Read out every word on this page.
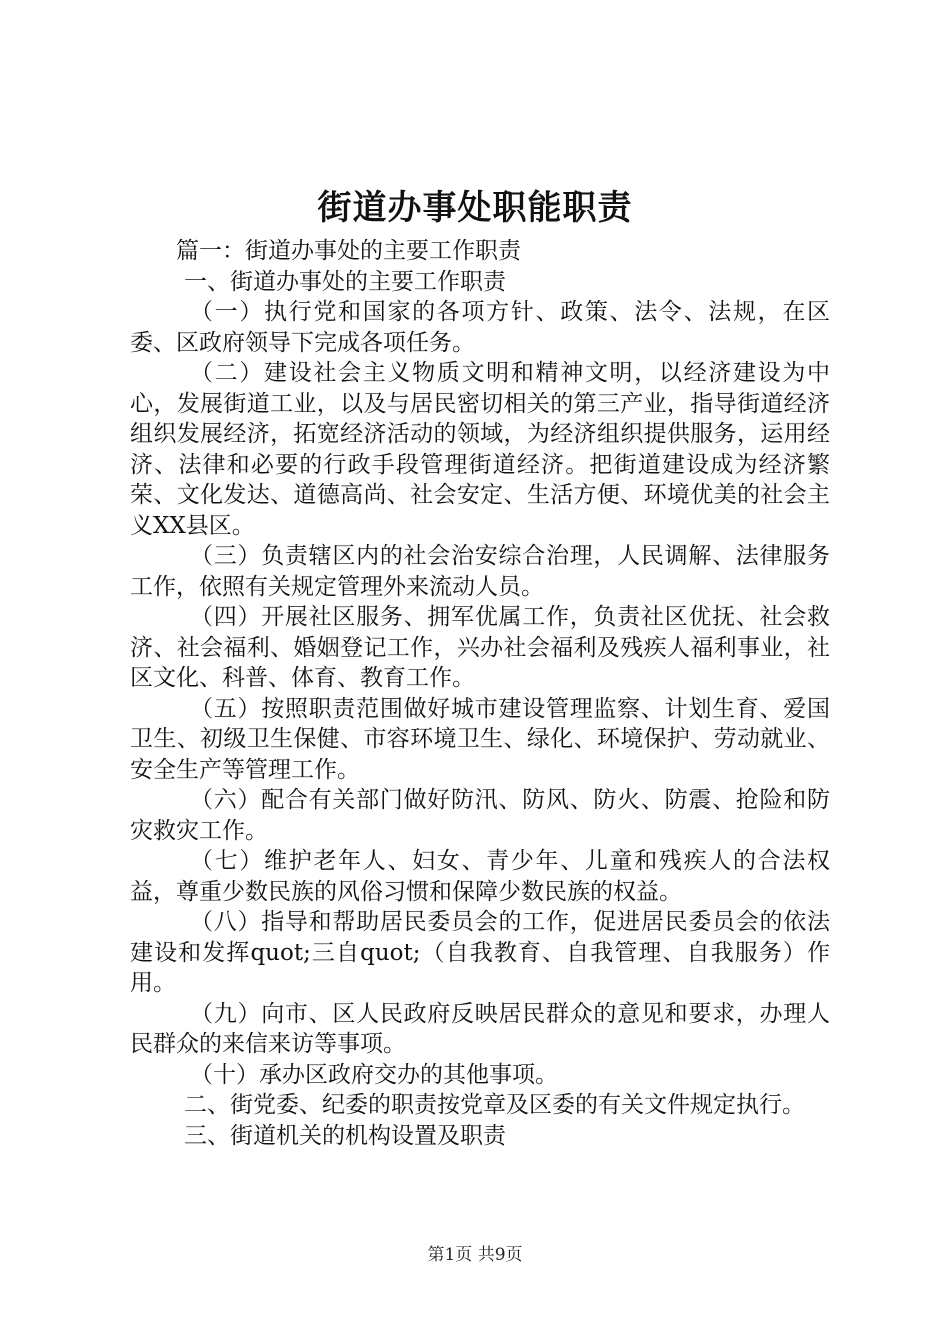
街道办事处职能职责

篇一：街道办事处的主要工作职责

一、街道办事处的主要工作职责

（一）执行党和国家的各项方针、政策、法令、法规，在区委、区政府领导下完成各项任务。

（二）建设社会主义物质文明和精神文明，以经济建设为中心，发展街道工业，以及与居民密切相关的第三产业，指导街道经济组织发展经济，拓宽经济活动的领域，为经济组织提供服务，运用经济、法律和必要的行政手段管理街道经济。把街道建设成为经济繁荣、文化发达、道德高尚、社会安定、生活方便、环境优美的社会主义XX县区。

（三）负责辖区内的社会治安综合治理，人民调解、法律服务工作，依照有关规定管理外来流动人员。

（四）开展社区服务、拥军优属工作，负责社区优抚、社会救济、社会福利、婚姻登记工作，兴办社会福利及残疾人福利事业，社区文化、科普、体育、教育工作。

（五）按照职责范围做好城市建设管理监察、计划生育、爱国卫生、初级卫生保健、市容环境卫生、绿化、环境保护、劳动就业、安全生产等管理工作。

（六）配合有关部门做好防汛、防风、防火、防震、抢险和防灾救灾工作。

（七）维护老年人、妇女、青少年、儿童和残疾人的合法权益，尊重少数民族的风俗习惯和保障少数民族的权益。

（八）指导和帮助居民委员会的工作，促进居民委员会的依法建设和发挥quot;三自quot;（自我教育、自我管理、自我服务）作用。

（九）向市、区人民政府反映居民群众的意见和要求，办理人民群众的来信来访等事项。

（十）承办区政府交办的其他事项。

二、街党委、纪委的职责按党章及区委的有关文件规定执行。

三、街道机关的机构设置及职责

第1页 共9页
